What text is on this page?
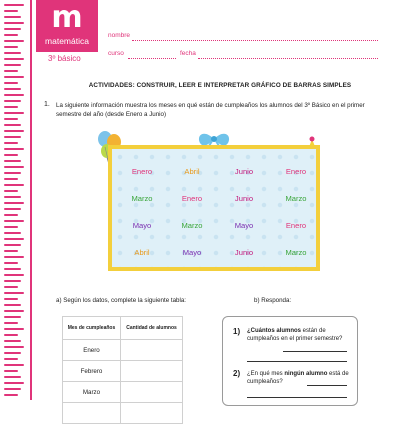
m
matemática
3º básico
nombre
curso	fecha
ACTIVIDADES: CONSTRUIR, LEER E INTERPRETAR GRÁFICO DE BARRAS SIMPLES
1. La siguiente información muestra los meses en qué están de cumpleaños los alumnos del 3º Básico en el primer semestre del año (desde Enero a Junio)
Enero	Abril	Junio	Enero
Marzo	Enero	Junio	Marzo
Mayo	Marzo	Mayo	Enero
Abril	Mayo	Junio	Marzo
a) Según los datos, complete la siguiente tabla:	b) Responda:
Mes de cumpleaños	Cantidad de alumnos
Enero	
Febrero	
Marzo	

1) ¿Cuántos alumnos están de cumpleaños en el primer semestre?
2) ¿En qué mes ningún alumno está de cumpleaños?
